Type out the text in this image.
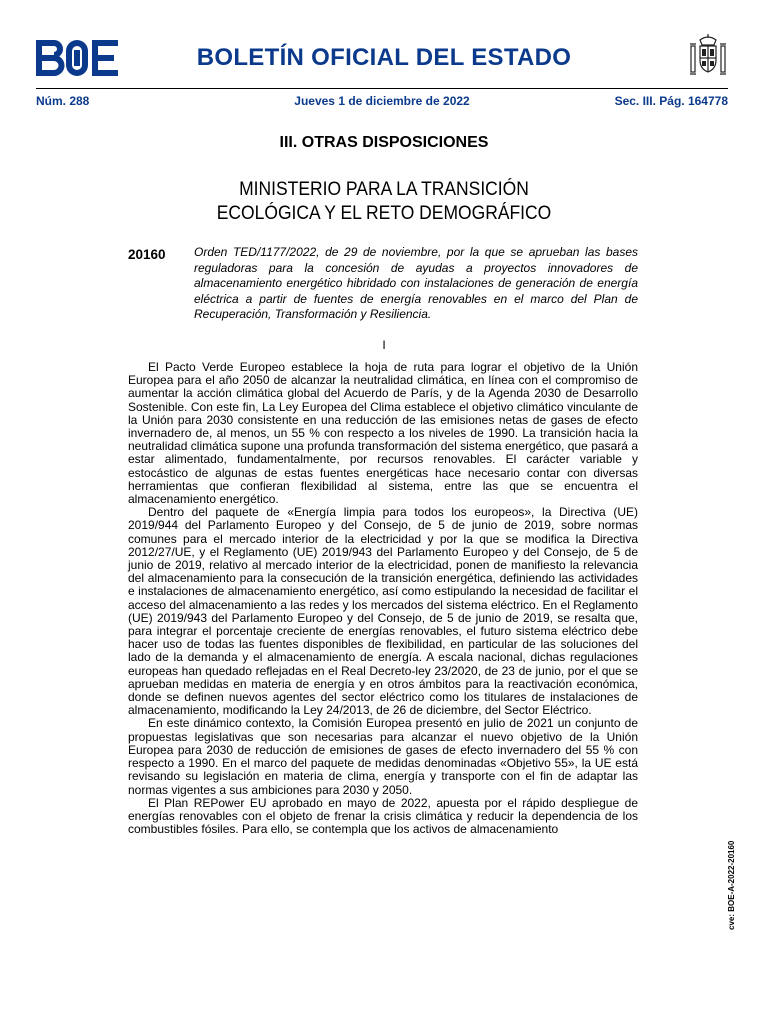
BOLETÍN OFICIAL DEL ESTADO
Núm. 288	Jueves 1 de diciembre de 2022	Sec. III. Pág. 164778
III. OTRAS DISPOSICIONES
MINISTERIO PARA LA TRANSICIÓN
ECOLÓGICA Y EL RETO DEMOGRÁFICO
20160 Orden TED/1177/2022, de 29 de noviembre, por la que se aprueban las bases reguladoras para la concesión de ayudas a proyectos innovadores de almacenamiento energético hibridado con instalaciones de generación de energía eléctrica a partir de fuentes de energía renovables en el marco del Plan de Recuperación, Transformación y Resiliencia.
I

El Pacto Verde Europeo establece la hoja de ruta para lograr el objetivo de la Unión Europea para el año 2050 de alcanzar la neutralidad climática, en línea con el compromiso de aumentar la acción climática global del Acuerdo de París, y de la Agenda 2030 de Desarrollo Sostenible. Con este fin, La Ley Europea del Clima establece el objetivo climático vinculante de la Unión para 2030 consistente en una reducción de las emisiones netas de gases de efecto invernadero de, al menos, un 55 % con respecto a los niveles de 1990. La transición hacia la neutralidad climática supone una profunda transformación del sistema energético, que pasará a estar alimentado, fundamentalmente, por recursos renovables. El carácter variable y estocástico de algunas de estas fuentes energéticas hace necesario contar con diversas herramientas que confieran flexibilidad al sistema, entre las que se encuentra el almacenamiento energético.

Dentro del paquete de «Energía limpia para todos los europeos», la Directiva (UE) 2019/944 del Parlamento Europeo y del Consejo, de 5 de junio de 2019, sobre normas comunes para el mercado interior de la electricidad y por la que se modifica la Directiva 2012/27/UE, y el Reglamento (UE) 2019/943 del Parlamento Europeo y del Consejo, de 5 de junio de 2019, relativo al mercado interior de la electricidad, ponen de manifiesto la relevancia del almacenamiento para la consecución de la transición energética, definiendo las actividades e instalaciones de almacenamiento energético, así como estipulando la necesidad de facilitar el acceso del almacenamiento a las redes y los mercados del sistema eléctrico. En el Reglamento (UE) 2019/943 del Parlamento Europeo y del Consejo, de 5 de junio de 2019, se resalta que, para integrar el porcentaje creciente de energías renovables, el futuro sistema eléctrico debe hacer uso de todas las fuentes disponibles de flexibilidad, en particular de las soluciones del lado de la demanda y el almacenamiento de energía. A escala nacional, dichas regulaciones europeas han quedado reflejadas en el Real Decreto-ley 23/2020, de 23 de junio, por el que se aprueban medidas en materia de energía y en otros ámbitos para la reactivación económica, donde se definen nuevos agentes del sector eléctrico como los titulares de instalaciones de almacenamiento, modificando la Ley 24/2013, de 26 de diciembre, del Sector Eléctrico.

En este dinámico contexto, la Comisión Europea presentó en julio de 2021 un conjunto de propuestas legislativas que son necesarias para alcanzar el nuevo objetivo de la Unión Europea para 2030 de reducción de emisiones de gases de efecto invernadero del 55 % con respecto a 1990. En el marco del paquete de medidas denominadas «Objetivo 55», la UE está revisando su legislación en materia de clima, energía y transporte con el fin de adaptar las normas vigentes a sus ambiciones para 2030 y 2050.

El Plan REPower EU aprobado en mayo de 2022, apuesta por el rápido despliegue de energías renovables con el objeto de frenar la crisis climática y reducir la dependencia de los combustibles fósiles. Para ello, se contempla que los activos de almacenamiento

cve: BOE-A-2022-20160
